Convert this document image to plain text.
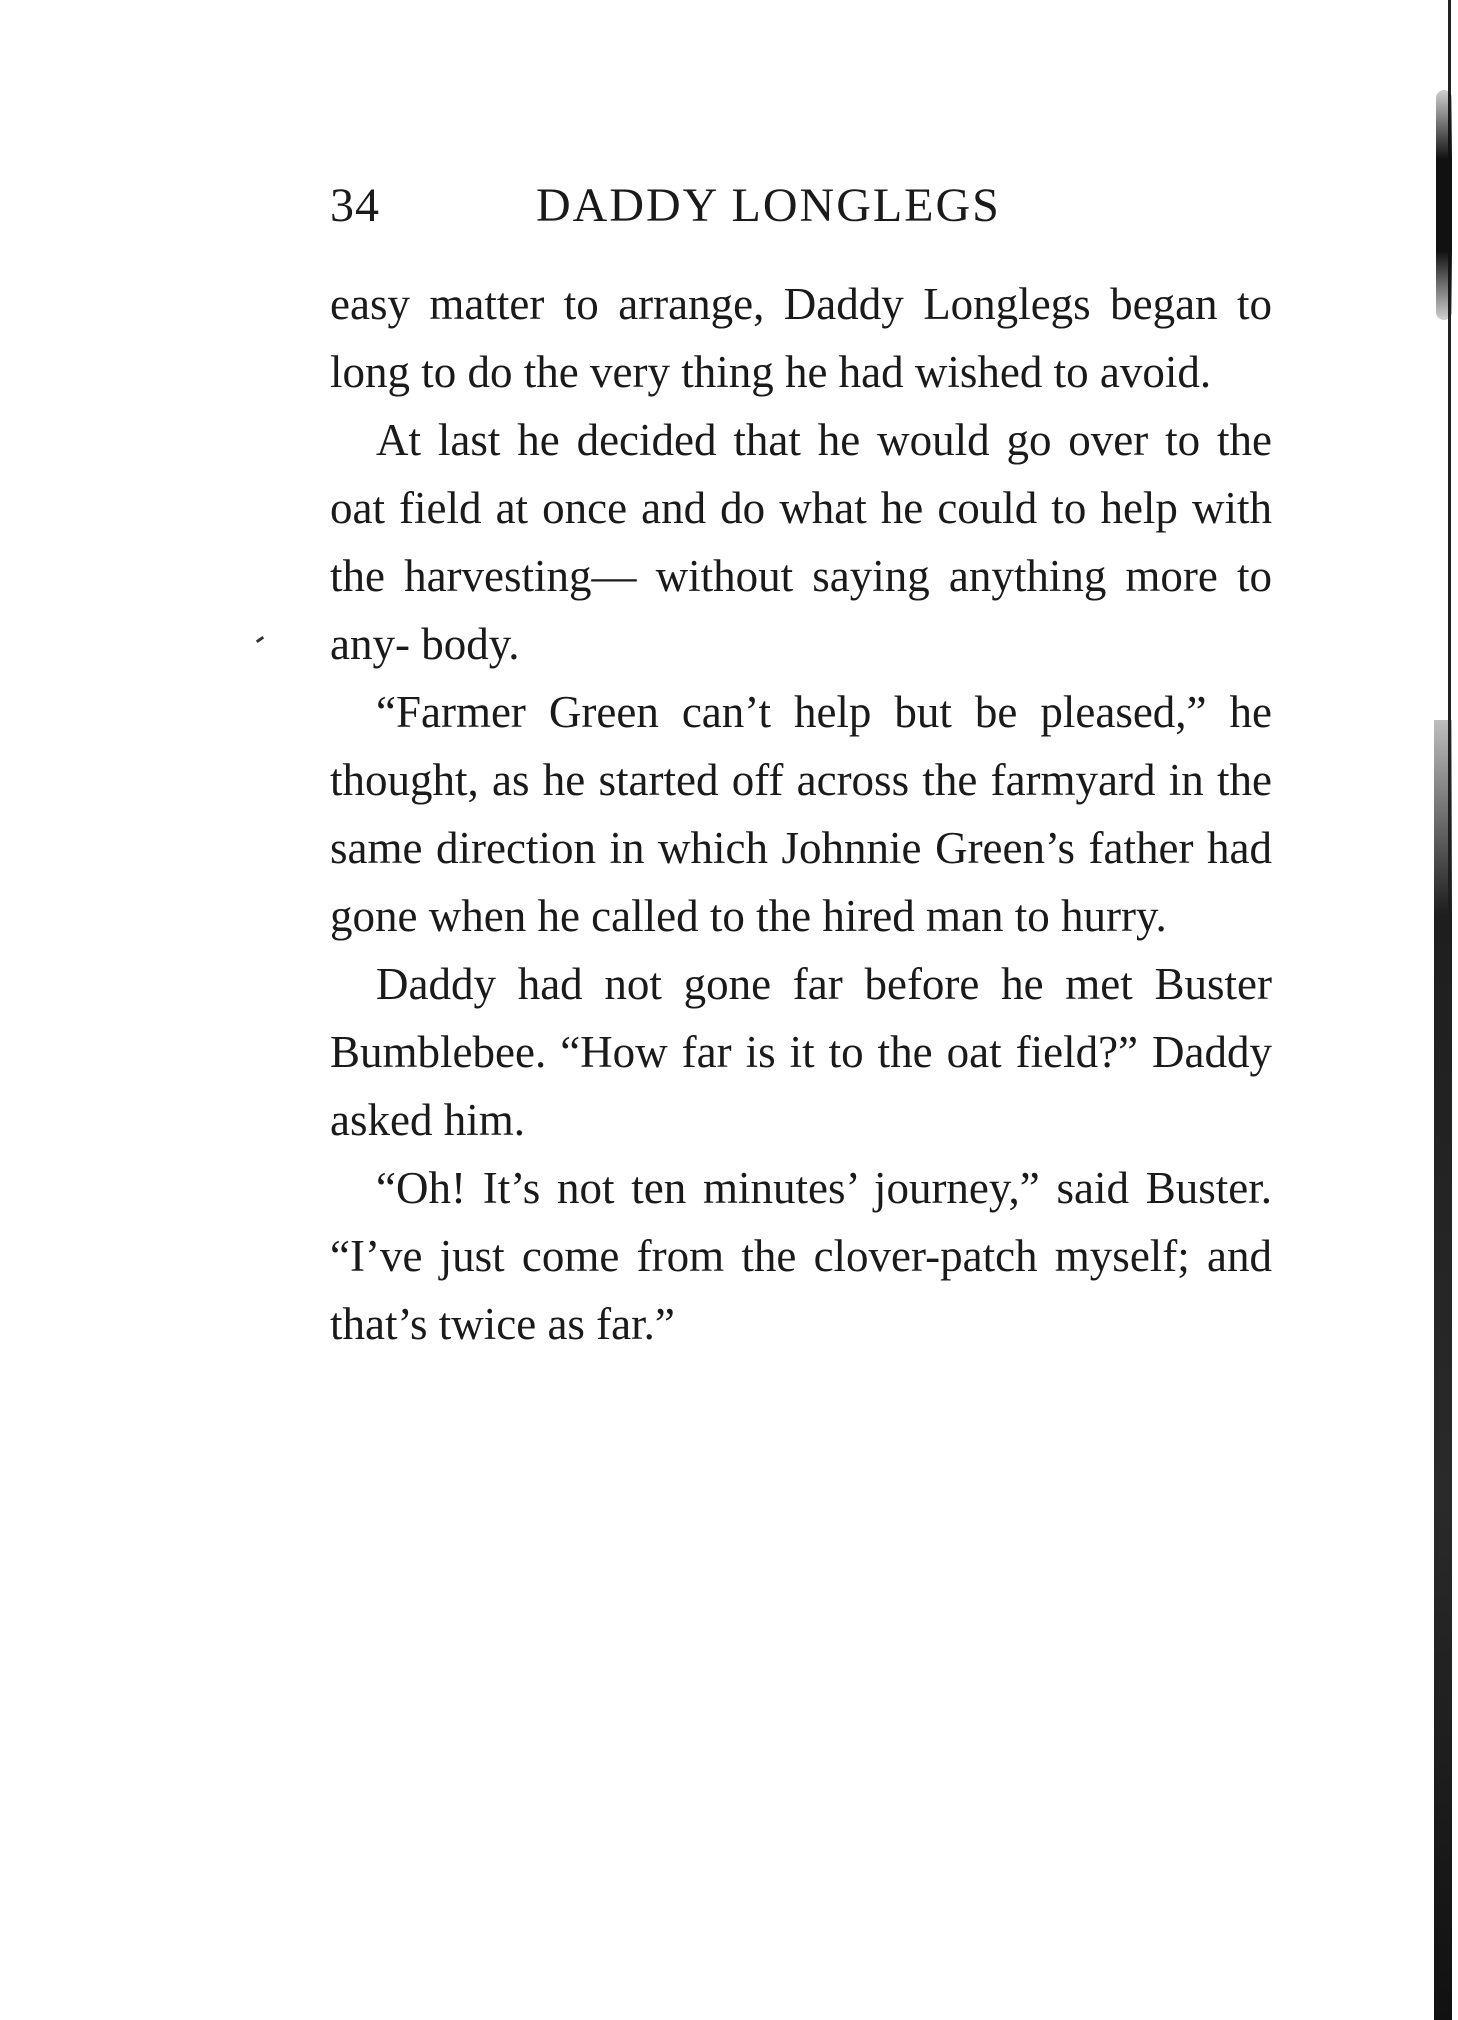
34	DADDY LONGLEGS

easy matter to arrange, Daddy Longlegs began to long to do the very thing he had wished to avoid.

At last he decided that he would go over to the oat field at once and do what he could to help with the harvesting— without saying anything more to any- body.

“Farmer Green can’t help but be pleased,” he thought, as he started off across the farmyard in the same direction in which Johnnie Green’s father had gone when he called to the hired man to hurry.

Daddy had not gone far before he met Buster Bumblebee. “How far is it to the oat field?” Daddy asked him.

“Oh! It’s not ten minutes’ journey,” said Buster. “I’ve just come from the clover-patch myself; and that’s twice as far.”
